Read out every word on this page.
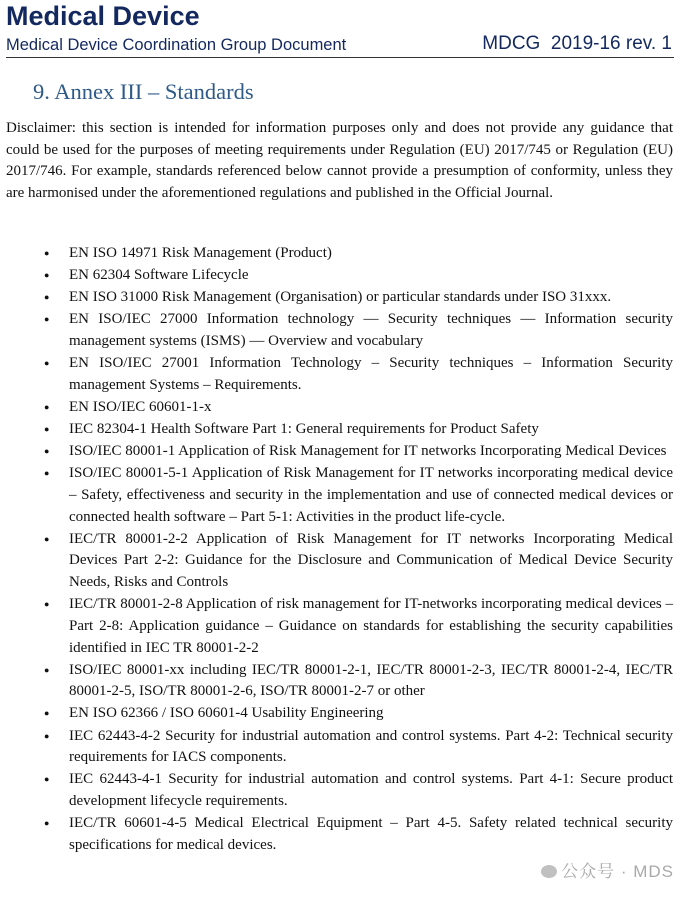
Medical Device
Medical Device Coordination Group Document	MDCG  2019-16 rev. 1
9. Annex III – Standards

Disclaimer: this section is intended for information purposes only and does not provide any guidance that could be used for the purposes of meeting requirements under Regulation (EU) 2017/745 or Regulation (EU) 2017/746. For example, standards referenced below cannot provide a presumption of conformity, unless they are harmonised under the aforementioned regulations and published in the Official Journal.

● EN ISO 14971 Risk Management (Product)
● EN 62304 Software Lifecycle
● EN ISO 31000 Risk Management (Organisation) or particular standards under ISO 31xxx.
● EN ISO/IEC 27000 Information technology — Security techniques — Information security management systems (ISMS) — Overview and vocabulary
● EN ISO/IEC 27001 Information Technology – Security techniques – Information Security management Systems – Requirements.
● EN ISO/IEC 60601-1-x
● IEC 82304-1 Health Software Part 1: General requirements for Product Safety
● ISO/IEC 80001-1 Application of Risk Management for IT networks Incorporating Medical Devices
● ISO/IEC 80001-5-1 Application of Risk Management for IT networks incorporating medical device – Safety, effectiveness and security in the implementation and use of connected medical devices or connected health software – Part 5-1: Activities in the product life-cycle.
● IEC/TR 80001-2-2 Application of Risk Management for IT networks Incorporating Medical Devices Part 2-2: Guidance for the Disclosure and Communication of Medical Device Security Needs, Risks and Controls
● IEC/TR 80001-2-8 Application of risk management for IT-networks incorporating medical devices – Part 2-8: Application guidance – Guidance on standards for establishing the security capabilities identified in IEC TR 80001-2-2
● ISO/IEC 80001-xx including IEC/TR 80001-2-1, IEC/TR 80001-2-3, IEC/TR 80001-2-4, IEC/TR 80001-2-5, ISO/TR 80001-2-6, ISO/TR 80001-2-7 or other
● EN ISO 62366 / ISO 60601-4 Usability Engineering
● IEC 62443-4-2 Security for industrial automation and control systems. Part 4-2: Technical security requirements for IACS components.
● IEC 62443-4-1 Security for industrial automation and control systems. Part 4-1: Secure product development lifecycle requirements.
● IEC/TR 60601-4-5 Medical Electrical Equipment – Part 4-5. Safety related technical security specifications for medical devices.
公众号 · MDS
